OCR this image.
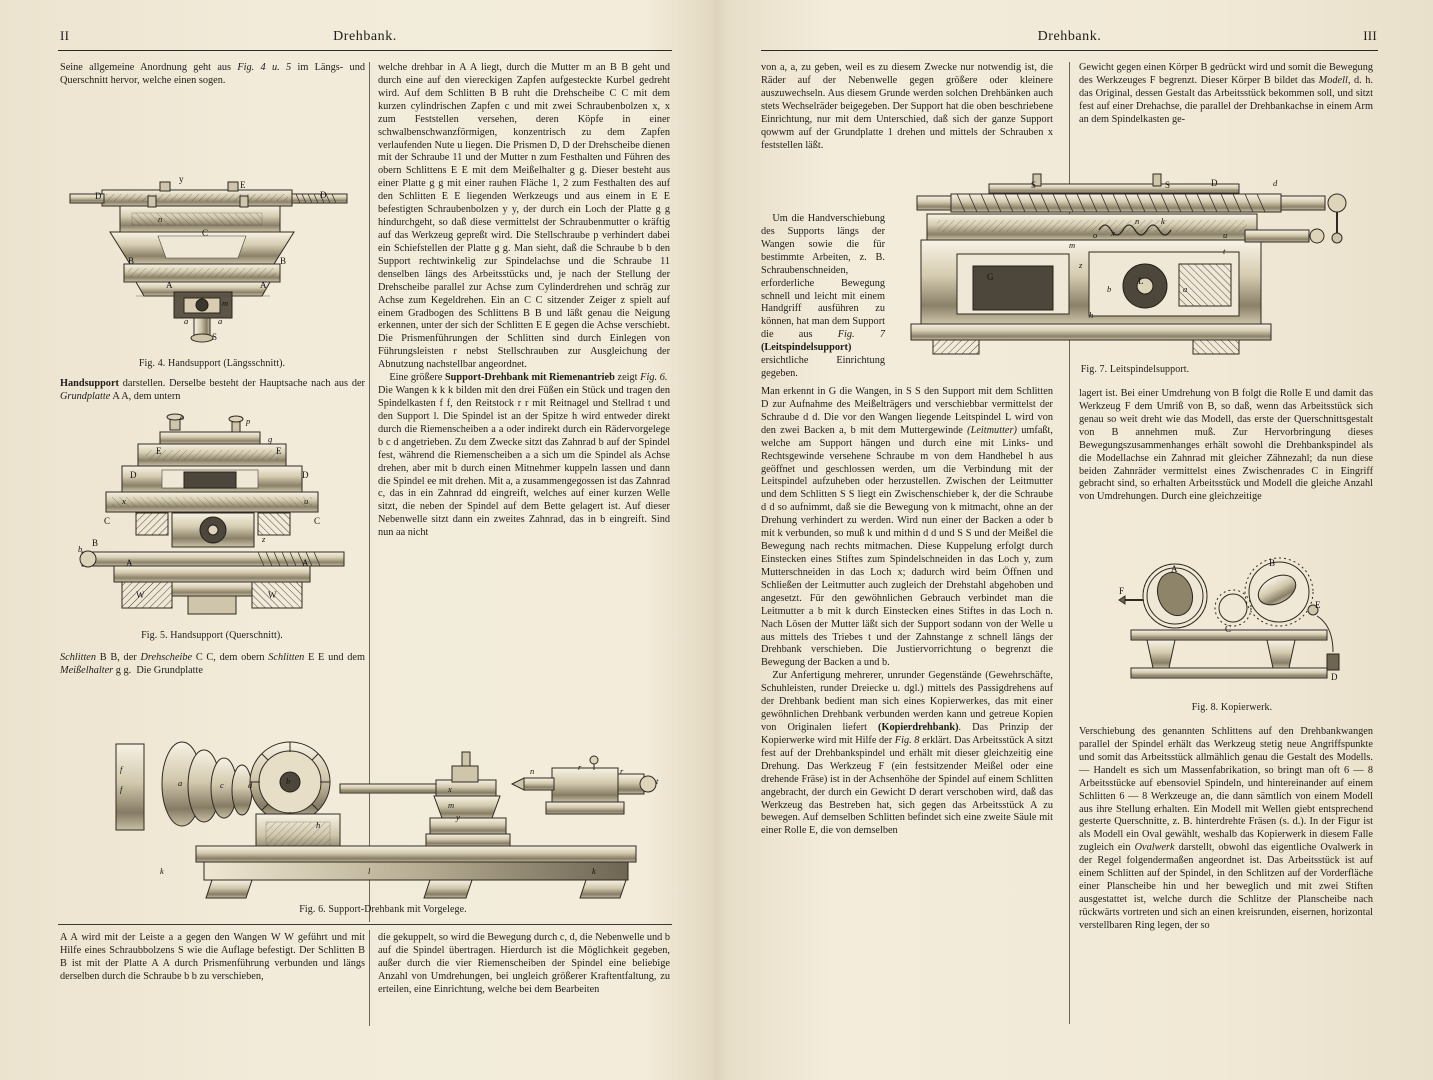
II	Drehbank.

Seine allgemeine Anordnung geht aus Fig. 4 u. 5 im Längs- und Querschnitt hervor, welche einen sogen.

D
y
E
D
n
C
B	B
A	A
m
a	a
S
Fig. 4. Handsupport (Längsschnitt).

Handsupport darstellen. Derselbe besteht der Hauptsache nach aus der Grundplatte A A, dem untern

o	p
g
E	E
D	D
x	u
C	C
B	z
b
A	A
W	W
Fig. 5. Handsupport (Querschnitt).

Schlitten B B, der Drehscheibe C C, dem obern Schlitten E E und dem Meißelhalter g g.  Die Grundplatte

welche drehbar in A A liegt, durch die Mutter m an B B geht und durch eine auf den viereckigen Zapfen aufgesteckte Kurbel gedreht wird. Auf dem Schlitten B B ruht die Drehscheibe C C mit dem kurzen cylindrischen Zapfen c und mit zwei Schraubenbolzen x, x zum Feststellen versehen, deren Köpfe in einer schwalbenschwanzförmigen, konzentrisch zu dem Zapfen verlaufenden Nute u liegen. Die Prismen D, D der Drehscheibe dienen mit der Schraube 11 und der Mutter n zum Festhalten und Führen des obern Schlittens E E mit dem Meißelhalter g g. Dieser besteht aus einer Platte g g mit einer rauhen Fläche 1, 2 zum Festhalten des auf den Schlitten E E liegenden Werkzeugs und aus einem in E E befestigten Schraubenbolzen y y, der durch ein Loch der Platte g g hindurchgeht, so daß diese vermittelst der Schraubenmutter o kräftig auf das Werkzeug gepreßt wird. Die Stellschraube p verhindert dabei ein Schiefstellen der Platte g g. Man sieht, daß die Schraube b b den Support rechtwinkelig zur Spindelachse und die Schraube 11 denselben längs des Arbeitsstücks und, je nach der Stellung der Drehscheibe parallel zur Achse zum Cylinderdrehen und schräg zur Achse zum Kegeldrehen. Ein an C C sitzender Zeiger z spielt auf einem Gradbogen des Schlittens B B und läßt genau die Neigung erkennen, unter der sich der Schlitten E E gegen die Achse verschiebt. Die Prismenführungen der Schlitten sind durch Einlegen von Führungsleisten r nebst Stellschrauben zur Ausgleichung der Abnutzung nachstellbar angeordnet.

Eine größere Support-Drehbank mit Riemenantrieb zeigt Fig. 6.  Die Wangen k k k bilden mit den drei Füßen ein Stück und tragen den Spindelkasten f f, den Reitstock r r mit Reitnagel und Stellrad t und den Support l. Die Spindel ist an der Spitze h wird entweder direkt durch die Riemenscheiben a a oder indirekt durch ein Rädervorgelege b c d angetrieben. Zu dem Zwecke sitzt das Zahnrad b auf der Spindel fest, während die Riemenscheiben a a sich um die Spindel als Achse drehen, aber mit b durch einen Mitnehmer kuppeln lassen und dann die Spindel ee mit drehen. Mit a, a zusammengegossen ist das Zahnrad c, das in ein Zahnrad dd eingreift, welches auf einer kurzen Welle sitzt, die neben der Spindel auf dem Bette gelagert ist. Auf dieser Nebenwelle sitzt dann ein zweites Zahnrad, das in b eingreift. Sind nun aa nicht

f
f
a	c	d	b
h
x
m
y
n	r	r
t
k	l	k
Fig. 6. Support-Drehbank mit Vorgelege.

A A wird mit der Leiste a a gegen den Wangen W W geführt und mit Hilfe eines Schraubbolzens S wie die Auflage befestigt. Der Schlitten B B ist mit der Platte A A durch Prismenführung verbunden und längs derselben durch die Schraube b b zu verschieben,

die gekuppelt, so wird die Bewegung durch c, d, die Nebenwelle und b auf die Spindel übertragen. Hierdurch ist die Möglichkeit gegeben, außer durch die vier Riemenscheiben der Spindel eine beliebige Anzahl von Umdrehungen, bei ungleich größerer Kraftentfaltung, zu erteilen, eine Einrichtung, welche bei dem Bearbeiten

Drehbank.	III

von a, a, zu geben, weil es zu diesem Zwecke nur notwendig ist, die Räder auf der Nebenwelle gegen größere oder kleinere auszuwechseln. Aus diesem Grunde werden solchen Drehbänken auch stets Wechselräder beigegeben. Der Support hat die oben beschriebene Einrichtung, nur mit dem Unterschied, daß sich der ganze Support qowwm auf der Grundplatte 1 drehen und mittels der Schrauben x feststellen läßt.

Um die Handverschiebung des Supports längs der Wangen sowie die für bestimmte Arbeiten, z. B. Schraubenschneiden, erforderliche Bewegung schnell und leicht mit einem Handgriff ausführen zu können, hat man dem Support die aus Fig. 7 (Leitspindelsupport) ersichtliche Einrichtung gegeben.

S	S	D	d
n	k
x
o	u
t
G	L
b	a
z
h
m
Fig. 7. Leitspindelsupport.

Man erkennt in G die Wangen, in S S den Support mit dem Schlitten D zur Aufnahme des Meißelträgers und verschiebbar vermittelst der Schraube d d. Die vor den Wangen liegende Leitspindel L wird von den zwei Backen a, b mit dem Muttergewinde (Leitmutter) umfaßt, welche am Support hängen und durch eine mit Links- und Rechtsgewinde versehene Schraube m von dem Handhebel h aus geöffnet und geschlossen werden, um die Verbindung mit der Leitspindel aufzuheben oder herzustellen. Zwischen der Leitmutter und dem Schlitten S S liegt ein Zwischenschieber k, der die Schraube d d so aufnimmt, daß sie die Bewegung von k mitmacht, ohne an der Drehung verhindert zu werden. Wird nun einer der Backen a oder b mit k verbunden, so muß k und mithin d d und S S und der Meißel die Bewegung nach rechts mitmachen. Diese Kuppelung erfolgt durch Einstecken eines Stiftes zum Spindelschneiden in das Loch y, zum Mutterschneiden in das Loch x; dadurch wird beim Öffnen und Schließen der Leitmutter auch zugleich der Drehstahl abgehoben und angesetzt. Für den gewöhnlichen Gebrauch verbindet man die Leitmutter a b mit k durch Einstecken eines Stiftes in das Loch n. Nach Lösen der Mutter läßt sich der Support sodann von der Welle u aus mittels des Triebes t und der Zahnstange z schnell längs der Drehbank verschieben. Die Justiervorrichtung o begrenzt die Bewegung der Backen a und b.

Zur Anfertigung mehrerer, unrunder Gegenstände (Gewehrschäfte, Schuhleisten, runder Dreiecke u. dgl.) mittels des Passigdrehens auf der Drehbank bedient man sich eines Kopierwerkes, das mit einer gewöhnlichen Drehbank verbunden werden kann und getreue Kopien von Originalen liefert (Kopierdrehbank). Das Prinzip der Kopierwerke wird mit Hilfe der Fig. 8 erklärt. Das Arbeitsstück A sitzt fest auf der Drehbankspindel und erhält mit dieser gleichzeitig eine Drehung. Das Werkzeug F (ein festsitzender Meißel oder eine drehende Fräse) ist in der Achsenhöhe der Spindel auf einem Schlitten angebracht, der durch ein Gewicht D derart verschoben wird, daß das Werkzeug das Bestreben hat, sich gegen das Arbeitsstück A zu bewegen. Auf demselben Schlitten befindet sich eine zweite Säule mit einer Rolle E, die von demselben

Gewicht gegen einen Körper B gedrückt wird und somit die Bewegung des Werkzeuges F begrenzt. Dieser Körper B bildet das Modell, d. h. das Original, dessen Gestalt das Arbeitsstück bekommen soll, und sitzt fest auf einer Drehachse, die parallel der Drehbankachse in einem Arm an dem Spindelkasten ge-

lagert ist. Bei einer Umdrehung von B folgt die Rolle E und damit das Werkzeug F dem Umriß von B, so daß, wenn das Arbeitsstück sich genau so weit dreht wie das Modell, das erste der Querschnittsgestalt von B annehmen muß. Zur Hervorbringung dieses Bewegungszusammenhanges erhält sowohl die Drehbankspindel als die Modellachse ein Zahnrad mit gleicher Zähnezahl; da nun diese beiden Zahnräder vermittelst eines Zwischenrades C in Eingriff gebracht sind, so erhalten Arbeitsstück und Modell die gleiche Anzahl von Umdrehungen. Durch eine gleichzeitige

A
B
C
E
F
D
Fig. 8. Kopierwerk.

Verschiebung des genannten Schlittens auf den Drehbankwangen parallel der Spindel erhält das Werkzeug stetig neue Angriffspunkte und somit das Arbeitsstück allmählich genau die Gestalt des Modells. — Handelt es sich um Massenfabrikation, so bringt man oft 6 — 8 Arbeitsstücke auf ebensoviel Spindeln, und hintereinander auf einem Schlitten 6 — 8 Werkzeuge an, die dann sämtlich von einem Modell aus ihre Stellung erhalten. Ein Modell mit Wellen giebt entsprechend gesterte Querschnitte, z. B. hinterdrehte Fräsen (s. d.). In der Figur ist als Modell ein Oval gewählt, weshalb das Kopierwerk in diesem Falle zugleich ein Ovalwerk darstellt, obwohl das eigentliche Ovalwerk in der Regel folgendermaßen angeordnet ist. Das Arbeitsstück ist auf einem Schlitten auf der Spindel, in den Schlitzen auf der Vorderfläche einer Planscheibe hin und her beweglich und mit zwei Stiften ausgestattet ist, welche durch die Schlitze der Planscheibe nach rückwärts vortreten und sich an einen kreisrunden, eisernen, horizontal verstellbaren Ring legen, der so
